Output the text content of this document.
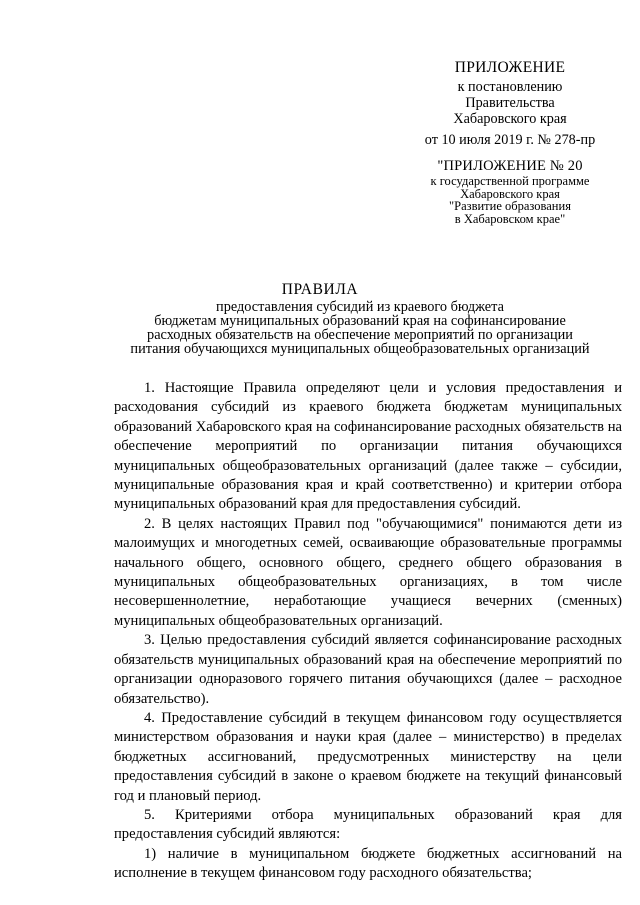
ПРИЛОЖЕНИЕ
к постановлению
Правительства
Хабаровского края
от 10 июля 2019 г. № 278-пр
"ПРИЛОЖЕНИЕ № 20
к государственной программе
Хабаровского края
"Развитие образования
в Хабаровском крае"
ПРАВИЛА
предоставления субсидий из краевого бюджета
бюджетам муниципальных образований края на софинансирование
расходных обязательств на обеспечение мероприятий по организации
питания обучающихся муниципальных общеобразовательных организаций

1. Настоящие Правила определяют цели и условия предоставления и расходования субсидий из краевого бюджета бюджетам муниципальных образований Хабаровского края на софинансирование расходных обязательств на обеспечение мероприятий по организации питания обучающихся муниципальных общеобразовательных организаций (далее также – субсидии, муниципальные образования края и край соответственно) и критерии отбора муниципальных образований края для предоставления субсидий.

2. В целях настоящих Правил под "обучающимися" понимаются дети из малоимущих и многодетных семей, осваивающие образовательные программы начального общего, основного общего, среднего общего образования в муниципальных общеобразовательных организациях, в том числе несовершеннолетние, неработающие учащиеся вечерних (сменных) муниципальных общеобразовательных организаций.

3. Целью предоставления субсидий является софинансирование расходных обязательств муниципальных образований края на обеспечение мероприятий по организации одноразового горячего питания обучающихся (далее – расходное обязательство).

4. Предоставление субсидий в текущем финансовом году осуществляется министерством образования и науки края (далее – министерство) в пределах бюджетных ассигнований, предусмотренных министерству на цели предоставления субсидий в законе о краевом бюджете на текущий финансовый год и плановый период.

5. Критериями отбора муниципальных образований края для предоставления субсидий являются:

1) наличие в муниципальном бюджете бюджетных ассигнований на исполнение в текущем финансовом году расходного обязательства;
